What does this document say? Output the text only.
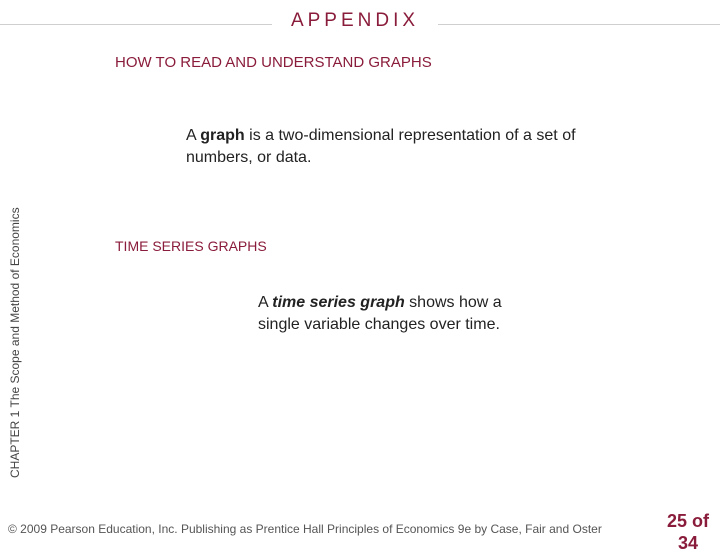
APPENDIX
HOW TO READ AND UNDERSTAND GRAPHS
A graph is a two-dimensional representation of a set of numbers, or data.
TIME SERIES GRAPHS
A time series graph shows how a single variable changes over time.
CHAPTER 1 The Scope and Method of Economics
© 2009 Pearson Education, Inc. Publishing as Prentice Hall Principles of Economics 9e by Case, Fair and Oster	25 of
34
